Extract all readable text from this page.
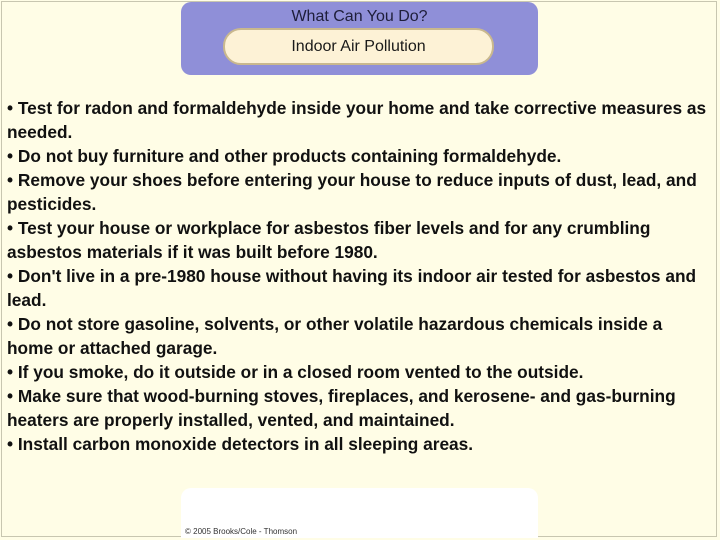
What Can You Do?
Indoor Air Pollution
• Test for radon and formaldehyde inside your home and take corrective measures as needed.
• Do not buy furniture and other products containing formaldehyde.
• Remove your shoes before entering your house to reduce inputs of dust, lead, and pesticides.
• Test your house or workplace for asbestos fiber levels and for any crumbling asbestos materials if it was built before 1980.
• Don't live in a pre-1980 house without having its indoor air tested for asbestos and lead.
• Do not store gasoline, solvents, or other volatile hazardous chemicals inside a home or attached garage.
• If you smoke, do it outside or in a closed room vented to the outside.
• Make sure that wood-burning stoves, fireplaces, and kerosene- and gas-burning heaters are properly installed, vented, and maintained.
• Install carbon monoxide detectors in all sleeping areas.
© 2005 Brooks/Cole - Thomson
